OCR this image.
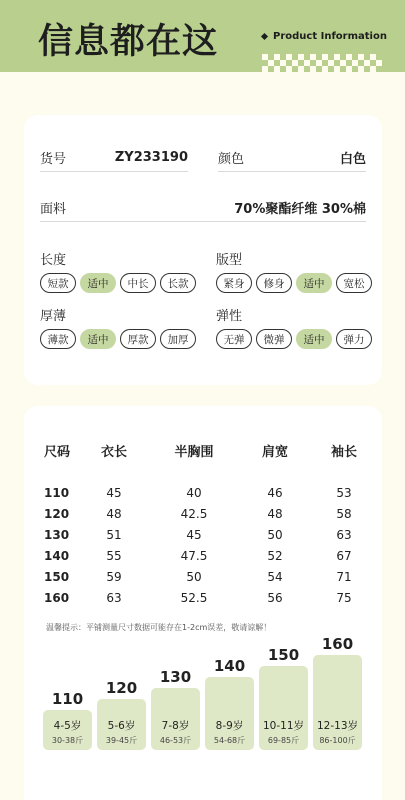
信息都在这	Product Information
货号	ZY233190 颜色	白色
面料	70%聚酯纤维 30%棉
长度
短款	适中	中长	长款
版型
紧身	修身	适中	宽松
厚薄
薄款	适中	厚款	加厚
弹性
无弹	微弹	适中	弹力
尺码	衣长	半胸围	肩宽	袖长
110	45	40	46	53
120	48	42.5	48	58
130	51	45	50	63
140	55	47.5	52	67
150	59	50	54	71
160	63	52.5	56	75
温馨提示：平铺测量尺寸数据可能存在1-2cm误差，敬请谅解！
110
4-5岁
30-38斤
120
5-6岁
39-45斤
130
7-8岁
46-53斤
140
8-9岁
54-68斤
150
10-11岁
69-85斤
160
12-13岁
86-100斤
